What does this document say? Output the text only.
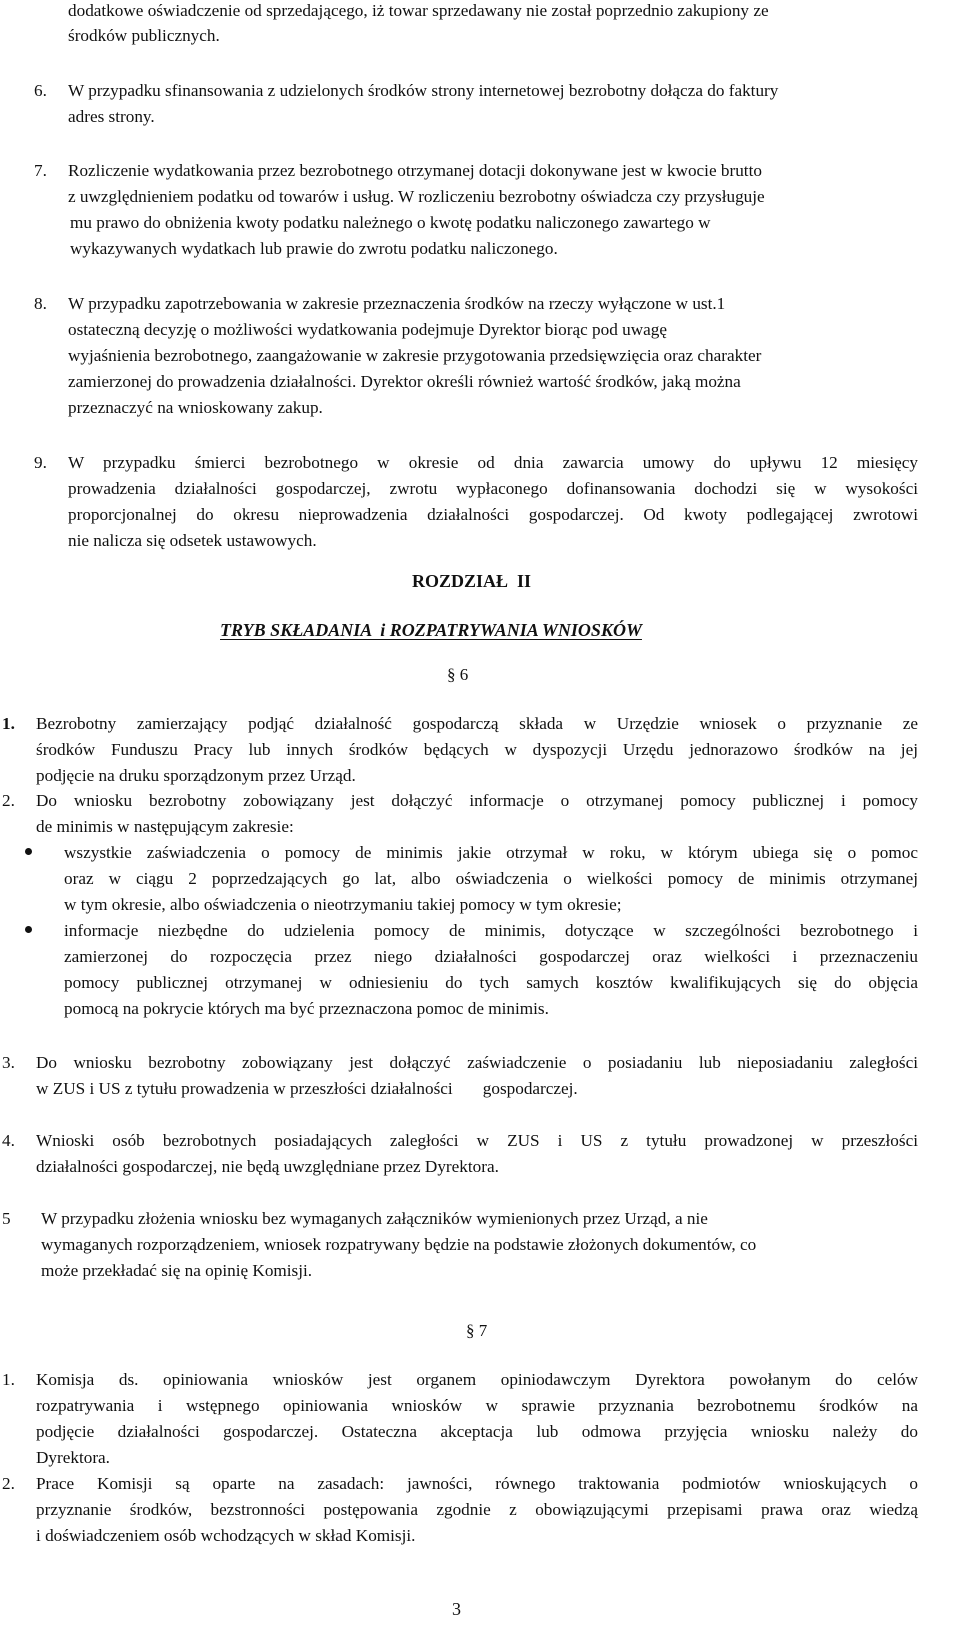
dodatkowe oświadczenie od sprzedającego, iż towar sprzedawany nie został poprzednio zakupiony ze
środków publicznych.
6. W przypadku sfinansowania z udzielonych środków strony internetowej bezrobotny dołącza do faktury
adres strony.
7. Rozliczenie wydatkowania przez bezrobotnego otrzymanej dotacji dokonywane jest w kwocie brutto
z uwzględnieniem podatku od towarów i usług. W rozliczeniu bezrobotny oświadcza czy przysługuje
mu prawo do obniżenia kwoty podatku należnego o kwotę podatku naliczonego zawartego w
wykazywanych wydatkach lub prawie do zwrotu podatku naliczonego.
8. W przypadku zapotrzebowania w zakresie przeznaczenia środków na rzeczy wyłączone w ust.1
ostateczną decyzję o możliwości wydatkowania podejmuje Dyrektor biorąc pod uwagę
wyjaśnienia bezrobotnego, zaangażowanie w zakresie przygotowania przedsięwzięcia oraz charakter
zamierzonej do prowadzenia działalności. Dyrektor określi również wartość środków, jaką można
przeznaczyć na wnioskowany zakup.
9. W przypadku śmierci bezrobotnego w okresie od dnia zawarcia umowy do upływu 12 miesięcy
prowadzenia działalności gospodarczej, zwrotu wypłaconego dofinansowania dochodzi się w wysokości
proporcjonalnej do okresu nieprowadzenia działalności gospodarczej. Od kwoty podlegającej zwrotowi
nie nalicza się odsetek ustawowych.
ROZDZIAŁ  II
TRYB SKŁADANIA  i ROZPATRYWANIA WNIOSKÓW
§ 6
1. Bezrobotny zamierzający podjąć działalność gospodarczą składa w Urzędzie wniosek o przyznanie ze
środków Funduszu Pracy lub innych środków będących w dyspozycji Urzędu jednorazowo środków na jej
podjęcie na druku sporządzonym przez Urząd.
2. Do wniosku bezrobotny zobowiązany jest dołączyć informacje o otrzymanej pomocy publicznej i pomocy
de minimis w następującym zakresie:
wszystkie zaświadczenia o pomocy de minimis jakie otrzymał w roku, w którym ubiega się o pomoc
oraz w ciągu 2 poprzedzających go lat, albo oświadczenia o wielkości pomocy de minimis otrzymanej
w tym okresie, albo oświadczenia o nieotrzymaniu takiej pomocy w tym okresie;
informacje niezbędne do udzielenia pomocy de minimis, dotyczące w szczególności bezrobotnego i
zamierzonej do rozpoczęcia przez niego działalności gospodarczej oraz wielkości i przeznaczeniu
pomocy publicznej otrzymanej w odniesieniu do tych samych kosztów kwalifikujących się do objęcia
pomocą na pokrycie których ma być przeznaczona pomoc de minimis.
3. Do wniosku bezrobotny zobowiązany jest dołączyć zaświadczenie o posiadaniu lub nieposiadaniu zaległości
w ZUS i US z tytułu prowadzenia w przeszłości działalności       gospodarczej.
4. Wnioski osób bezrobotnych posiadających zaległości w ZUS i US z tytułu prowadzonej w przeszłości
działalności gospodarczej, nie będą uwzględniane przez Dyrektora.
5 W przypadku złożenia wniosku bez wymaganych załączników wymienionych przez Urząd, a nie
wymaganych rozporządzeniem, wniosek rozpatrywany będzie na podstawie złożonych dokumentów, co
może przekładać się na opinię Komisji.
§ 7
1. Komisja ds. opiniowania wniosków jest organem opiniodawczym Dyrektora powołanym do celów
rozpatrywania i wstępnego opiniowania wniosków w sprawie przyznania bezrobotnemu środków na
podjęcie działalności gospodarczej. Ostateczna akceptacja lub odmowa przyjęcia wniosku należy do
Dyrektora.
2. Prace Komisji są oparte na zasadach: jawności, równego traktowania podmiotów wnioskujących o
przyznanie środków, bezstronności postępowania zgodnie z obowiązującymi przepisami prawa oraz wiedzą
i doświadczeniem osób wchodzących w skład Komisji.
3
